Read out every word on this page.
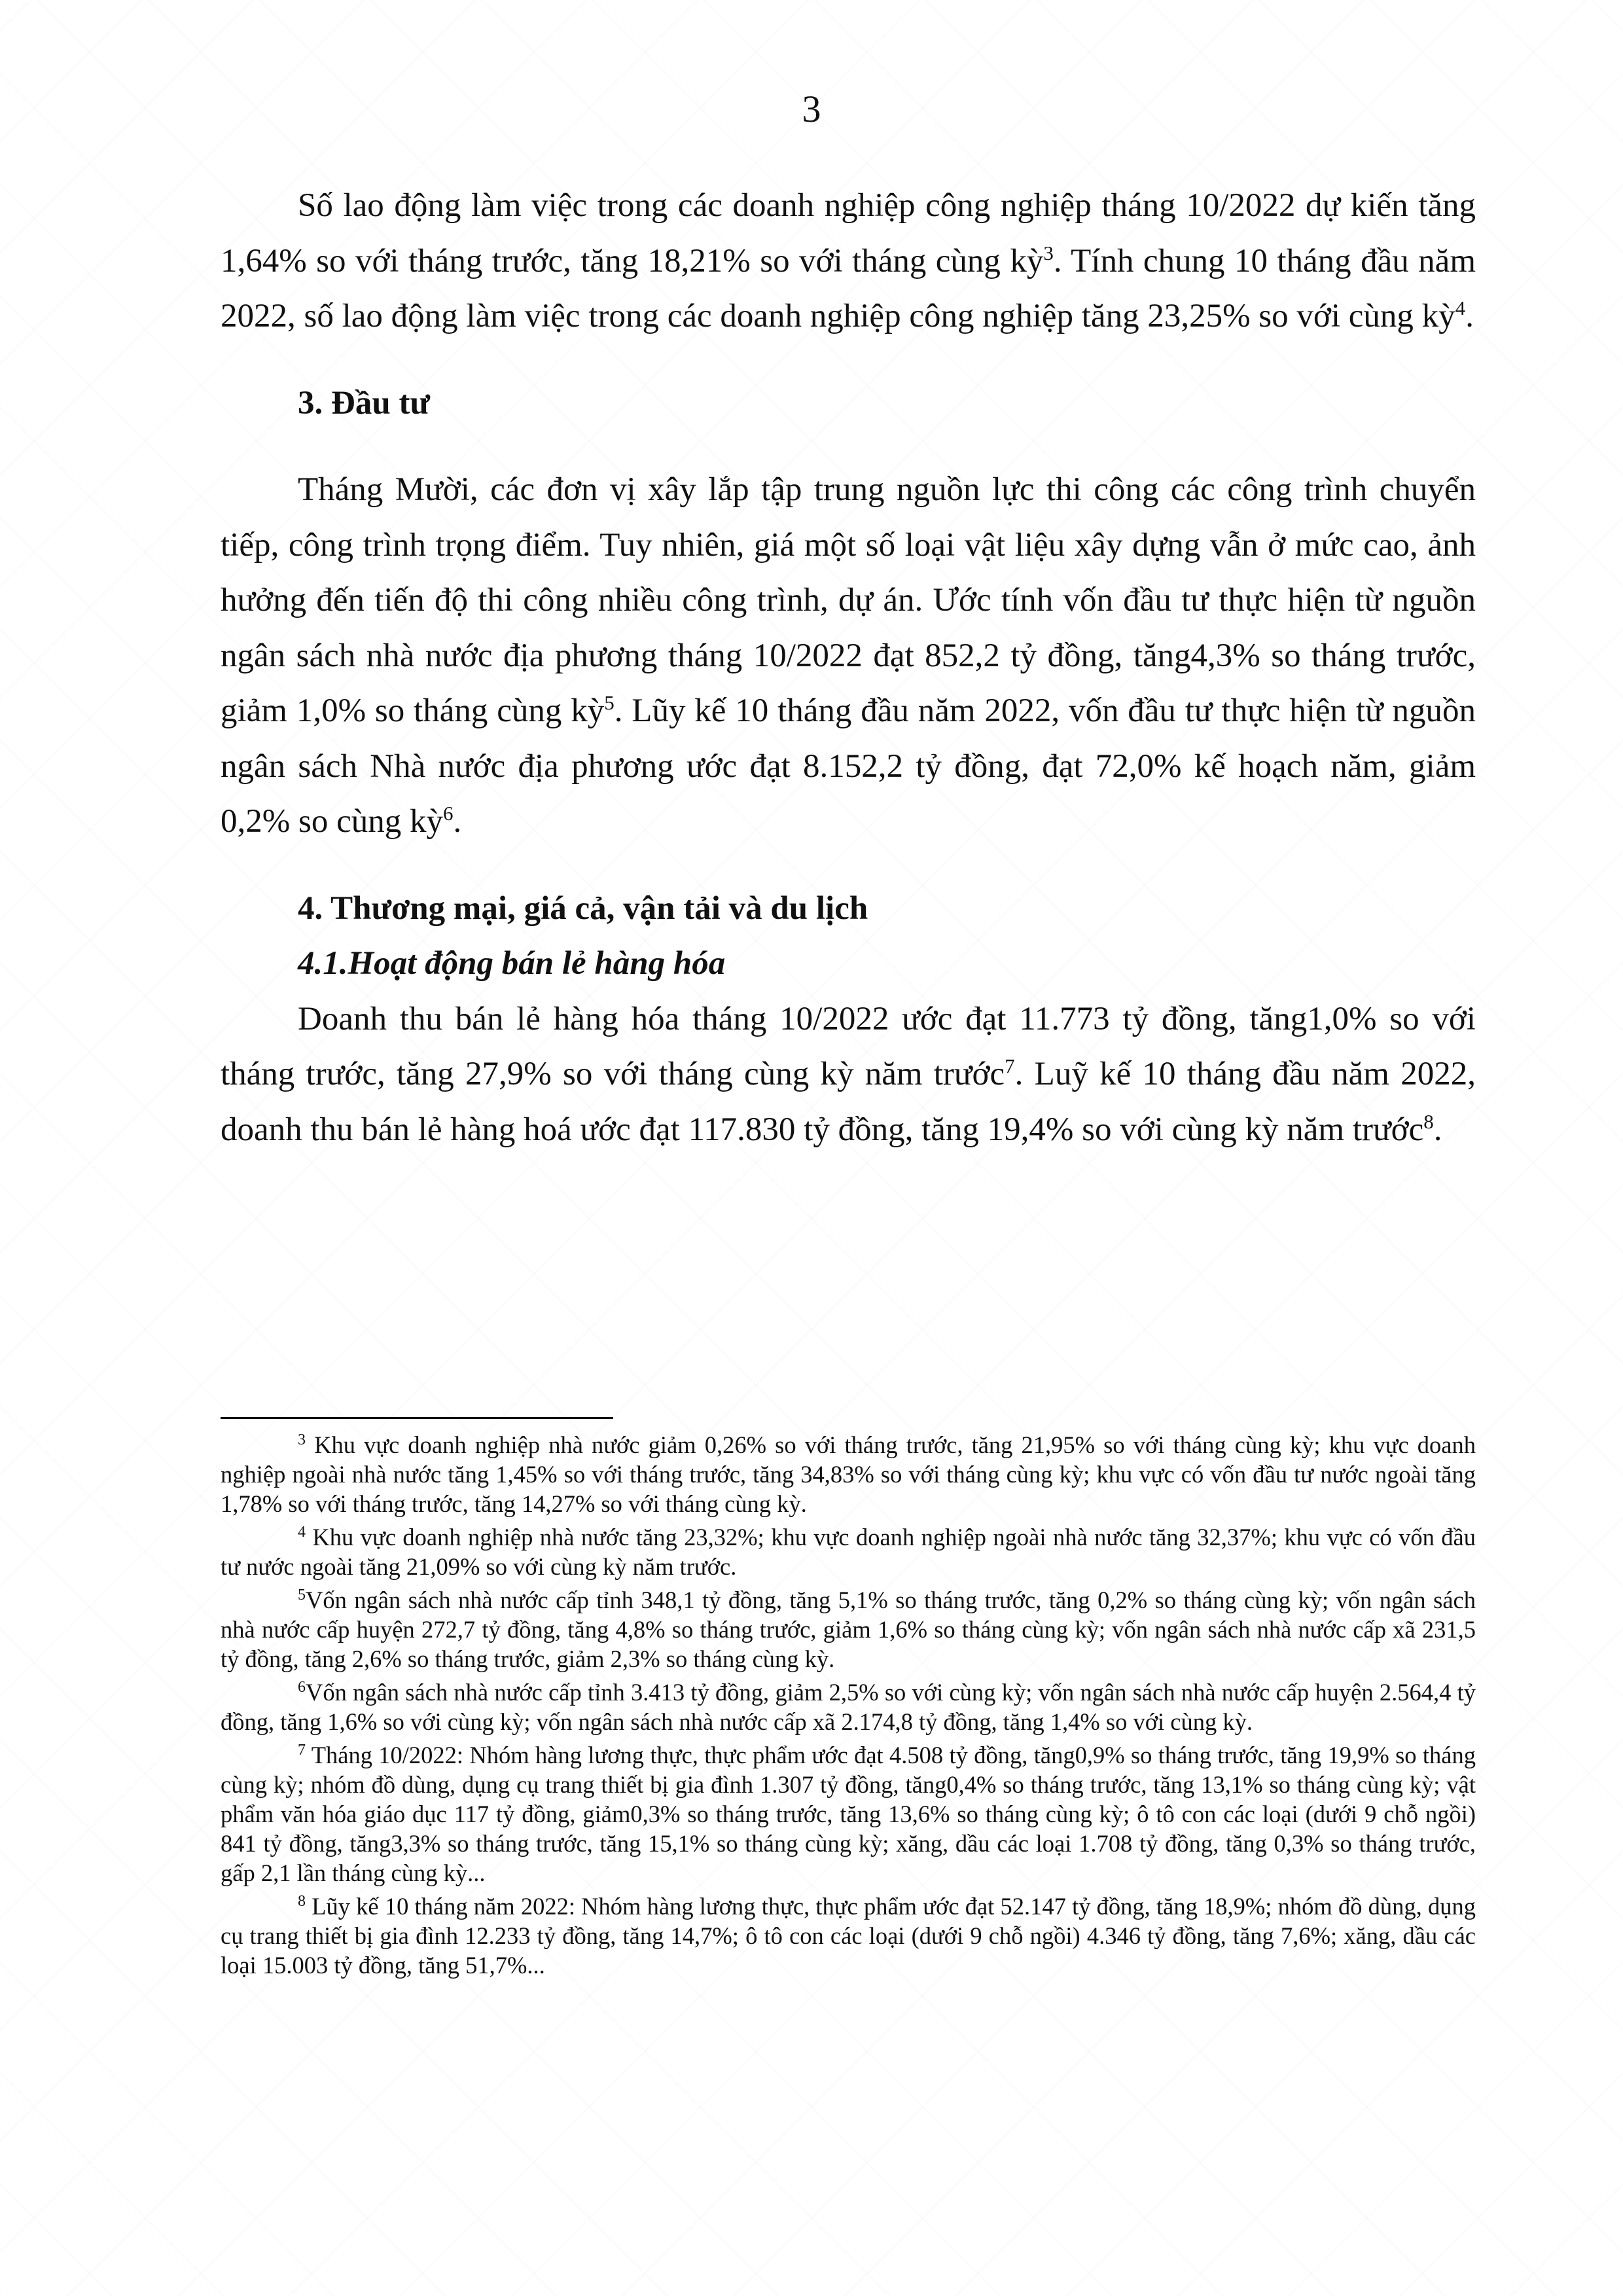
3

Số lao động làm việc trong các doanh nghiệp công nghiệp tháng 10/2022 dự kiến tăng 1,64% so với tháng trước, tăng 18,21% so với tháng cùng kỳ$^3$. Tính chung 10 tháng đầu năm 2022, số lao động làm việc trong các doanh nghiệp công nghiệp tăng 23,25% so với cùng kỳ$^4$.

3. Đầu tư

Tháng Mười, các đơn vị xây lắp tập trung nguồn lực thi công các công trình chuyển tiếp, công trình trọng điểm. Tuy nhiên, giá một số loại vật liệu xây dựng vẫn ở mức cao, ảnh hưởng đến tiến độ thi công nhiều công trình, dự án. Ước tính vốn đầu tư thực hiện từ nguồn ngân sách nhà nước địa phương tháng 10/2022 đạt 852,2 tỷ đồng, tăng4,3% so tháng trước, giảm 1,0% so tháng cùng kỳ$^5$. Lũy kế 10 tháng đầu năm 2022, vốn đầu tư thực hiện từ nguồn ngân sách Nhà nước địa phương ước đạt 8.152,2 tỷ đồng, đạt 72,0% kế hoạch năm, giảm 0,2% so cùng kỳ$^6$.

4. Thương mại, giá cả, vận tải và du lịch

4.1.Hoạt động bán lẻ hàng hóa

Doanh thu bán lẻ hàng hóa tháng 10/2022 ước đạt 11.773 tỷ đồng, tăng1,0% so với tháng trước, tăng 27,9% so với tháng cùng kỳ năm trước$^7$. Luỹ kế 10 tháng đầu năm 2022, doanh thu bán lẻ hàng hoá ước đạt 117.830 tỷ đồng, tăng 19,4% so với cùng kỳ năm trước$^8$.

$^3$ Khu vực doanh nghiệp nhà nước giảm 0,26% so với tháng trước, tăng 21,95% so với tháng cùng kỳ; khu vực doanh nghiệp ngoài nhà nước tăng 1,45% so với tháng trước, tăng 34,83% so với tháng cùng kỳ; khu vực có vốn đầu tư nước ngoài tăng 1,78% so với tháng trước, tăng 14,27% so với tháng cùng kỳ.

$^4$ Khu vực doanh nghiệp nhà nước tăng 23,32%; khu vực doanh nghiệp ngoài nhà nước tăng 32,37%; khu vực có vốn đầu tư nước ngoài tăng 21,09% so với cùng kỳ năm trước.

$^5$Vốn ngân sách nhà nước cấp tỉnh 348,1 tỷ đồng, tăng 5,1% so tháng trước, tăng 0,2% so tháng cùng kỳ; vốn ngân sách nhà nước cấp huyện 272,7 tỷ đồng, tăng 4,8% so tháng trước, giảm 1,6% so tháng cùng kỳ; vốn ngân sách nhà nước cấp xã 231,5 tỷ đồng, tăng 2,6% so tháng trước, giảm 2,3% so tháng cùng kỳ.

$^6$Vốn ngân sách nhà nước cấp tỉnh 3.413 tỷ đồng, giảm 2,5% so với cùng kỳ; vốn ngân sách nhà nước cấp huyện 2.564,4 tỷ đồng, tăng 1,6% so với cùng kỳ; vốn ngân sách nhà nước cấp xã 2.174,8 tỷ đồng, tăng 1,4% so với cùng kỳ.

$^7$ Tháng 10/2022: Nhóm hàng lương thực, thực phẩm ước đạt 4.508 tỷ đồng, tăng0,9% so tháng trước, tăng 19,9% so tháng cùng kỳ; nhóm đồ dùng, dụng cụ trang thiết bị gia đình 1.307 tỷ đồng, tăng0,4% so tháng trước, tăng 13,1% so tháng cùng kỳ; vật phẩm văn hóa giáo dục 117 tỷ đồng, giảm0,3% so tháng trước, tăng 13,6% so tháng cùng kỳ; ô tô con các loại (dưới 9 chỗ ngồi) 841 tỷ đồng, tăng3,3% so tháng trước, tăng 15,1% so tháng cùng kỳ; xăng, dầu các loại 1.708 tỷ đồng, tăng 0,3% so tháng trước, gấp 2,1 lần tháng cùng kỳ...

$^8$ Lũy kế 10 tháng năm 2022: Nhóm hàng lương thực, thực phẩm ước đạt 52.147 tỷ đồng, tăng 18,9%; nhóm đồ dùng, dụng cụ trang thiết bị gia đình 12.233 tỷ đồng, tăng 14,7%; ô tô con các loại (dưới 9 chỗ ngồi) 4.346 tỷ đồng, tăng 7,6%; xăng, dầu các loại 15.003 tỷ đồng, tăng 51,7%...
